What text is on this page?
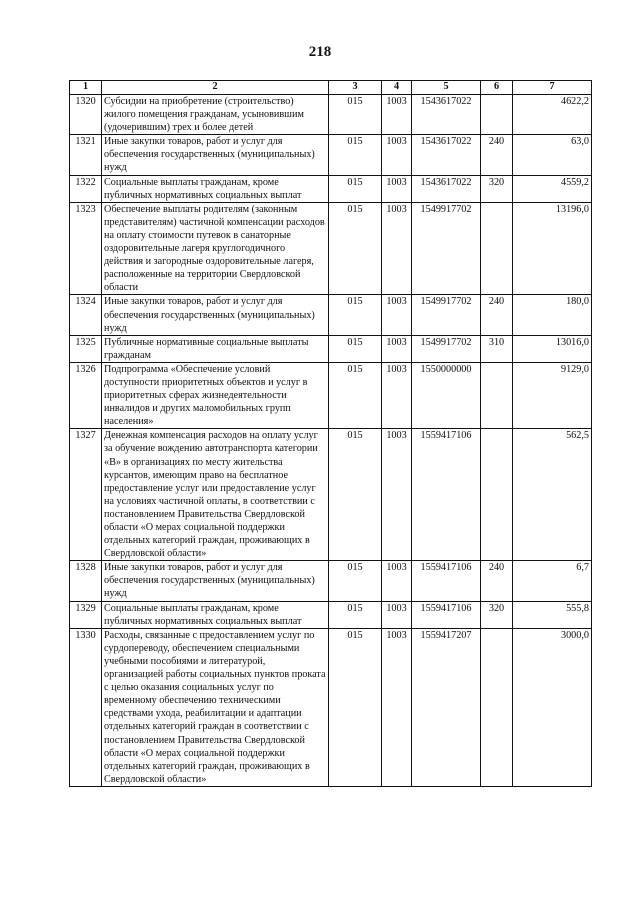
218
1	2	3	4	5	6	7
1320	Субсидии на приобретение (строительство) жилого помещения гражданам, усыновившим (удочерившим) трех и более детей	015	1003	1543617022		4622,2
1321	Иные закупки товаров, работ и услуг для обеспечения государственных (муниципальных) нужд	015	1003	1543617022	240	63,0
1322	Социальные выплаты гражданам, кроме публичных нормативных социальных выплат	015	1003	1543617022	320	4559,2
1323	Обеспечение выплаты родителям (законным представителям) частичной компенсации расходов на оплату стоимости путевок в санаторные оздоровительные лагеря круглогодичного действия и загородные оздоровительные лагеря, расположенные на территории Свердловской области	015	1003	1549917702		13196,0
1324	Иные закупки товаров, работ и услуг для обеспечения государственных (муниципальных) нужд	015	1003	1549917702	240	180,0
1325	Публичные нормативные социальные выплаты гражданам	015	1003	1549917702	310	13016,0
1326	Подпрограмма «Обеспечение условий доступности приоритетных объектов и услуг в приоритетных сферах жизнедеятельности инвалидов и других маломобильных групп населения»	015	1003	1550000000		9129,0
1327	Денежная компенсация расходов на оплату услуг за обучение вождению автотранспорта категории «B» в организациях по месту жительства курсантов, имеющим право на бесплатное предоставление услуг или предоставление услуг на условиях частичной оплаты, в соответствии с постановлением Правительства Свердловской области «О мерах социальной поддержки отдельных категорий граждан, проживающих в Свердловской области»	015	1003	1559417106		562,5
1328	Иные закупки товаров, работ и услуг для обеспечения государственных (муниципальных) нужд	015	1003	1559417106	240	6,7
1329	Социальные выплаты гражданам, кроме публичных нормативных социальных выплат	015	1003	1559417106	320	555,8
1330	Расходы, связанные с предоставлением услуг по сурдопереводу, обеспечением специальными учебными пособиями и литературой, организацией работы социальных пунктов проката с целью оказания социальных услуг по временному обеспечению техническими средствами ухода, реабилитации и адаптации отдельных категорий граждан в соответствии с постановлением Правительства Свердловской области «О мерах социальной поддержки отдельных категорий граждан, проживающих в Свердловской области»	015	1003	1559417207		3000,0
